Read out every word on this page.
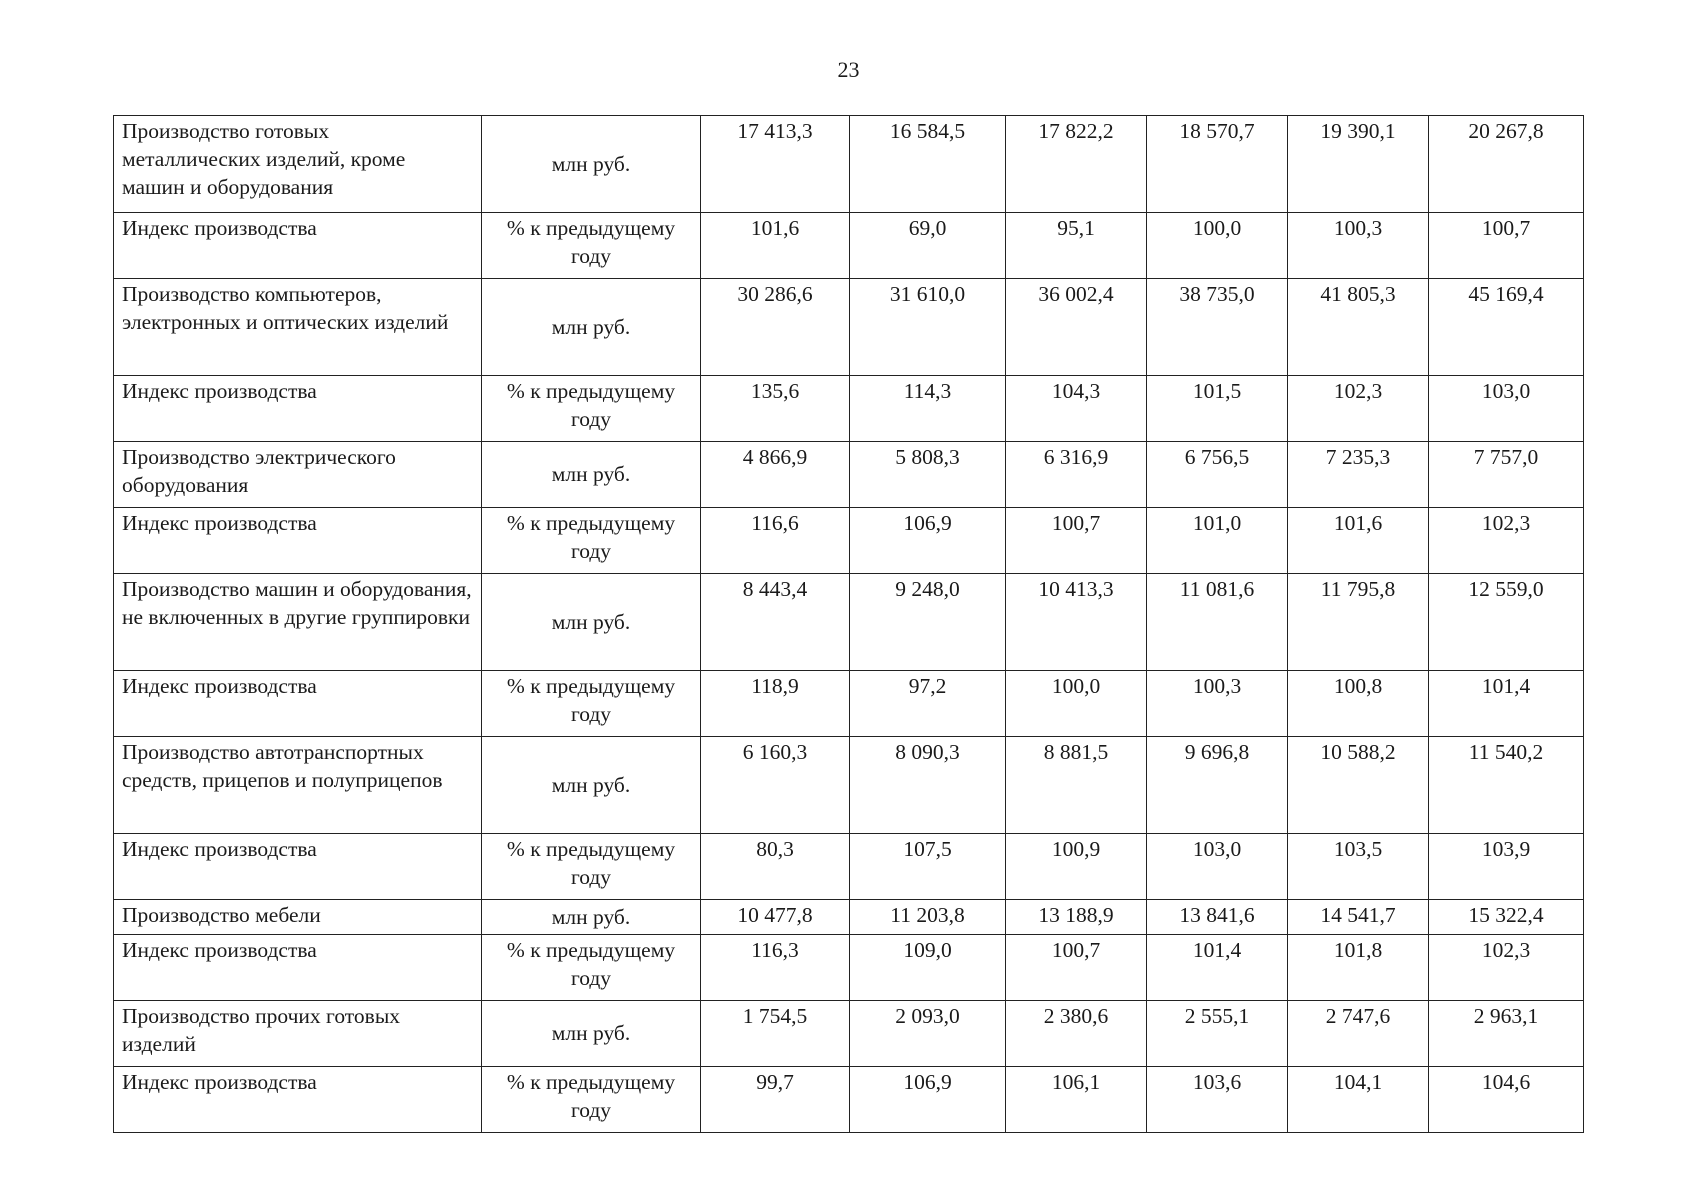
23
Производство готовых металлических изделий, кроме машин и оборудования	млн руб.	17 413,3	16 584,5	17 822,2	18 570,7	19 390,1	20 267,8
Индекс производства	% к предыдущему году	101,6	69,0	95,1	100,0	100,3	100,7
Производство компьютеров, электронных и оптических изделий	млн руб.	30 286,6	31 610,0	36 002,4	38 735,0	41 805,3	45 169,4
Индекс производства	% к предыдущему году	135,6	114,3	104,3	101,5	102,3	103,0
Производство электрического оборудования	млн руб.	4 866,9	5 808,3	6 316,9	6 756,5	7 235,3	7 757,0
Индекс производства	% к предыдущему году	116,6	106,9	100,7	101,0	101,6	102,3
Производство машин и оборудования, не включенных в другие группировки	млн руб.	8 443,4	9 248,0	10 413,3	11 081,6	11 795,8	12 559,0
Индекс производства	% к предыдущему году	118,9	97,2	100,0	100,3	100,8	101,4
Производство автотранспортных средств, прицепов и полуприцепов	млн руб.	6 160,3	8 090,3	8 881,5	9 696,8	10 588,2	11 540,2
Индекс производства	% к предыдущему году	80,3	107,5	100,9	103,0	103,5	103,9
Производство мебели	млн руб.	10 477,8	11 203,8	13 188,9	13 841,6	14 541,7	15 322,4
Индекс производства	% к предыдущему году	116,3	109,0	100,7	101,4	101,8	102,3
Производство прочих готовых изделий	млн руб.	1 754,5	2 093,0	2 380,6	2 555,1	2 747,6	2 963,1
Индекс производства	% к предыдущему году	99,7	106,9	106,1	103,6	104,1	104,6
